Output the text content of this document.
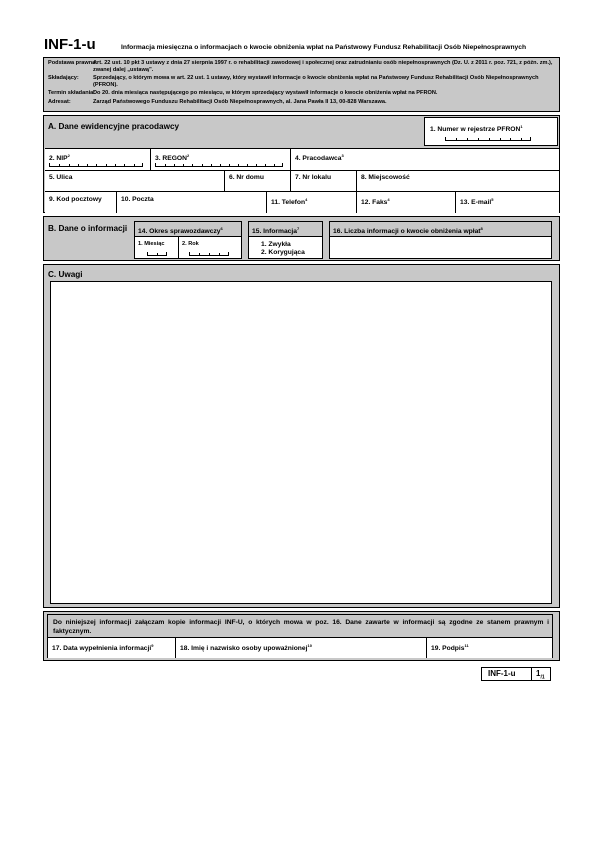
INF-1-u	Informacja miesięczna o informacjach o kwocie obniżenia wpłat na Państwowy Fundusz Rehabilitacji Osób Niepełnosprawnych
Podstawa prawna:
Art. 22 ust. 10 pkt 3 ustawy z dnia 27 sierpnia 1997 r. o rehabilitacji zawodowej i społecznej oraz zatrudnianiu osób niepełnosprawnych (Dz. U. z 2011 r. poz. 721, z późn. zm.), zwanej dalej „ustawą”.
Składający:	Sprzedający, o którym mowa w art. 22 ust. 1 ustawy, który wystawił informacje o kwocie obniżenia wpłat na Państwowy Fundusz Rehabilitacji Osób Niepełnosprawnych (PFRON).
Termin składania:
Do 20. dnia miesiąca następującego po miesiącu, w którym sprzedający wystawił informacje o kwocie obniżenia wpłat na PFRON.
Adresat:	Zarząd Państwowego Funduszu Rehabilitacji Osób Niepełnosprawnych, al. Jana Pawła II 13, 00-828 Warszawa.
A. Dane ewidencyjne pracodawcy	1. Numer w rejestrze PFRON$^1$
2. NIP$^2$	3. REGON$^2$	4. Pracodawca$^3$
5. Ulica	6. Nr domu	7. Nr lokalu	8. Miejscowość
9. Kod pocztowy	10. Poczta	11. Telefon$^4$	12. Faks$^4$	13. E-mail$^5$
B. Dane o informacji 14. Okres sprawozdawczy$^6$
1. Miesiąc	2. Rok
15. Informacja$^7$
1. Zwykła
2. Korygująca
16. Liczba informacji o kwocie obniżenia wpłat$^8$
C. Uwagi
Do niniejszej informacji załączam kopie informacji INF-U, o których mowa w poz. 16. Dane zawarte w informacji są zgodne ze stanem prawnym i faktycznym.
17. Data wypełnienia informacji$^9$	18. Imię i nazwisko osoby upoważnionej$^{10}$	19. Podpis$^{11}$
INF-1-u	$1_{/1}$
